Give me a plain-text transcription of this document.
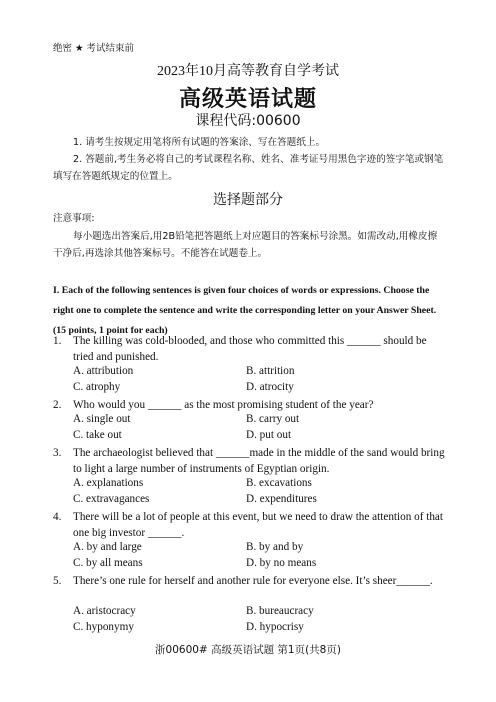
绝密 ★ 考试结束前
2023年10月高等教育自学考试
高级英语试题
课程代码:00600
1. 请考生按规定用笔将所有试题的答案涂、写在答题纸上。
2. 答题前,考生务必将自己的考试课程名称、姓名、准考证号用黑色字迹的签字笔或钢笔填写在答题纸规定的位置上。
选择题部分
注意事项:
每小题选出答案后,用2B铅笔把答题纸上对应题目的答案标号涂黑。如需改动,用橡皮擦干净后,再选涂其他答案标号。不能答在试题卷上。
I. Each of the following sentences is given four choices of words or expressions. Choose the right one to complete the sentence and write the corresponding letter on your Answer Sheet. (15 points, 1 point for each)
1. The killing was cold-blooded, and those who committed this ______ should be tried and punished.
A. attribution	B. attrition
C. atrophy	D. atrocity
2. Who would you ______ as the most promising student of the year?
A. single out	B. carry out
C. take out	D. put out
3. The archaeologist believed that ______made in the middle of the sand would bring to light a large number of instruments of Egyptian origin.
A. explanations	B. excavations
C. extravagances	D. expenditures
4. There will be a lot of people at this event, but we need to draw the attention of that one big investor ______.
A. by and large	B. by and by
C. by all means	D. by no means
5. There’s one rule for herself and another rule for everyone else. It’s sheer______.
A. aristocracy	B. bureaucracy
C. hyponymy	D. hypocrisy
浙00600# 高级英语试题 第1页(共8页)
